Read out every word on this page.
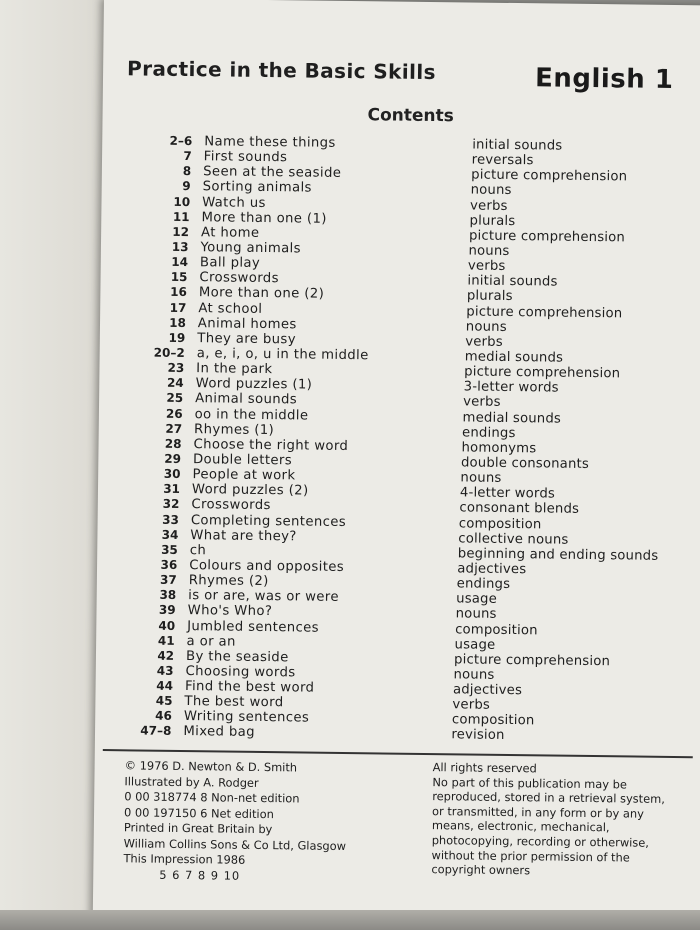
Practice in the Basic Skills	English 1
Contents
2–6 Name these things	initial sounds
7 First sounds	reversals
8 Seen at the seaside	picture comprehension
9 Sorting animals	nouns
10 Watch us	verbs
11 More than one (1)	plurals
12 At home	picture comprehension
13 Young animals	nouns
14 Ball play	verbs
15 Crosswords	initial sounds
16 More than one (2)	plurals
17 At school	picture comprehension
18 Animal homes	nouns
19 They are busy	verbs
20–2 a, e, i, o, u in the middle	medial sounds
23 In the park	picture comprehension
24 Word puzzles (1)	3-letter words
25 Animal sounds	verbs
26 oo in the middle	medial sounds
27 Rhymes (1)	endings
28 Choose the right word	homonyms
29 Double letters	double consonants
30 People at work	nouns
31 Word puzzles (2)	4-letter words
32 Crosswords	consonant blends
33 Completing sentences	composition
34 What are they?	collective nouns
35 ch	beginning and ending sounds
36 Colours and opposites	adjectives
37 Rhymes (2)	endings
38 is or are, was or were	usage
39 Who's Who?	nouns
40 Jumbled sentences	composition
41 a or an	usage
42 By the seaside	picture comprehension
43 Choosing words	nouns
44 Find the best word	adjectives
45 The best word	verbs
46 Writing sentences	composition
47–8 Mixed bag	revision
© 1976 D. Newton & D. Smith
Illustrated by A. Rodger
0 00 318774 8 Non-net edition
0 00 197150 6 Net edition
Printed in Great Britain by
William Collins Sons & Co Ltd, Glasgow
This Impression 1986
5 6 7 8 9 10
All rights reserved
No part of this publication may be
reproduced, stored in a retrieval system,
or transmitted, in any form or by any
means, electronic, mechanical,
photocopying, recording or otherwise,
without the prior permission of the
copyright owners
